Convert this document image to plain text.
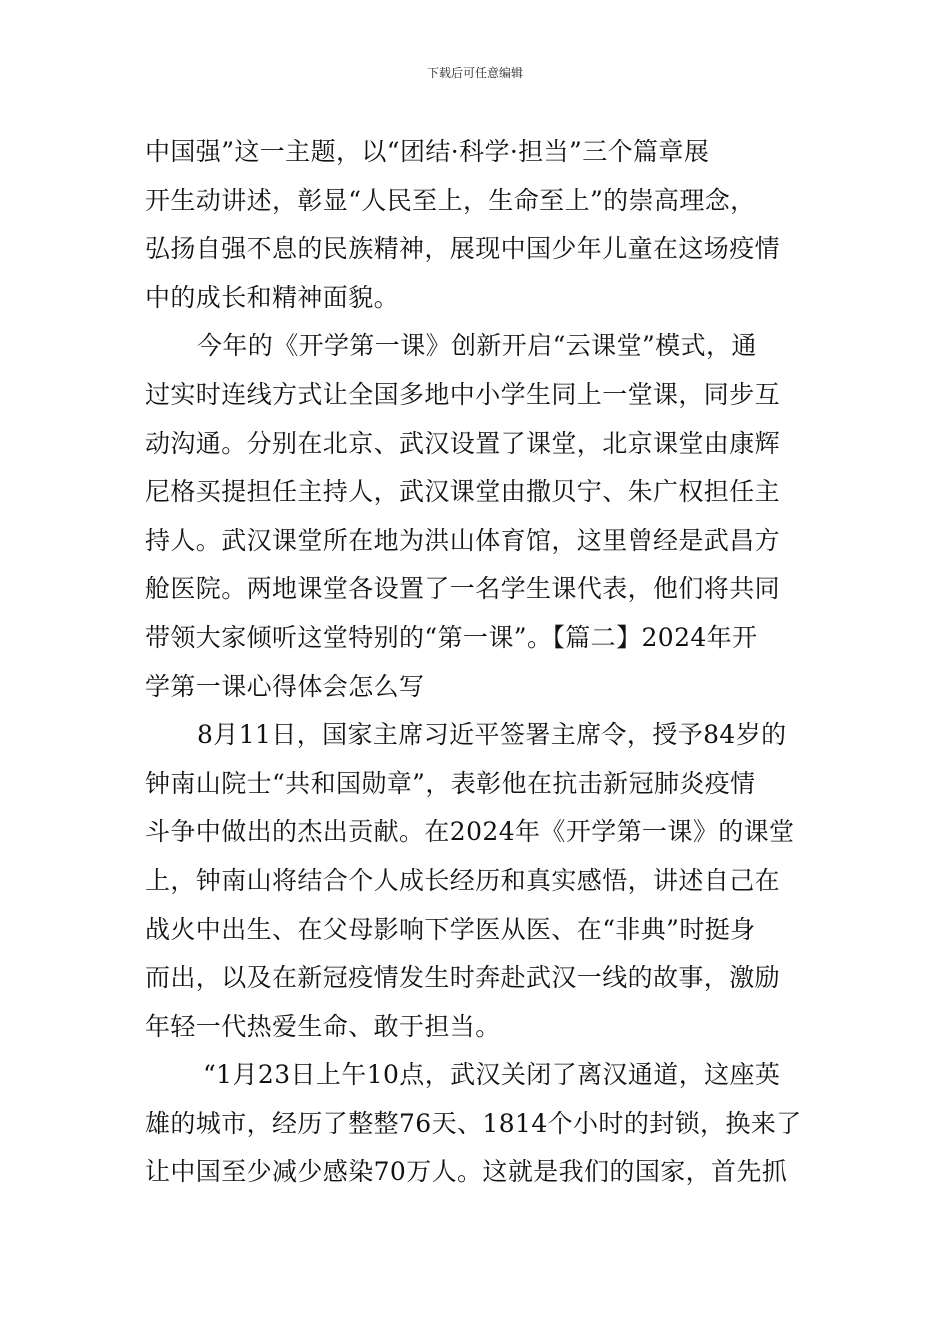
下载后可任意编辑
中国强”这一主题，以“团结·科学·担当”三个篇章展
开生动讲述，彰显“人民至上，生命至上”的崇高理念，
弘扬自强不息的民族精神，展现中国少年儿童在这场疫情
中的成长和精神面貌。
今年的《开学第一课》创新开启“云课堂”模式，通
过实时连线方式让全国多地中小学生同上一堂课，同步互
动沟通。分别在北京、武汉设置了课堂，北京课堂由康辉
尼格买提担任主持人，武汉课堂由撒贝宁、朱广权担任主
持人。武汉课堂所在地为洪山体育馆，这里曾经是武昌方
舱医院。两地课堂各设置了一名学生课代表，他们将共同
带领大家倾听这堂特别的“第一课”。【篇二】2024年开
学第一课心得体会怎么写
8月11日，国家主席习近平签署主席令，授予84岁的
钟南山院士“共和国勋章”，表彰他在抗击新冠肺炎疫情
斗争中做出的杰出贡献。在2024年《开学第一课》的课堂
上，钟南山将结合个人成长经历和真实感悟，讲述自己在
战火中出生、在父母影响下学医从医、在“非典”时挺身
而出，以及在新冠疫情发生时奔赴武汉一线的故事，激励
年轻一代热爱生命、敢于担当。
“1月23日上午10点，武汉关闭了离汉通道，这座英
雄的城市，经历了整整76天、1814个小时的封锁，换来了
让中国至少减少感染70万人。这就是我们的国家，首先抓
